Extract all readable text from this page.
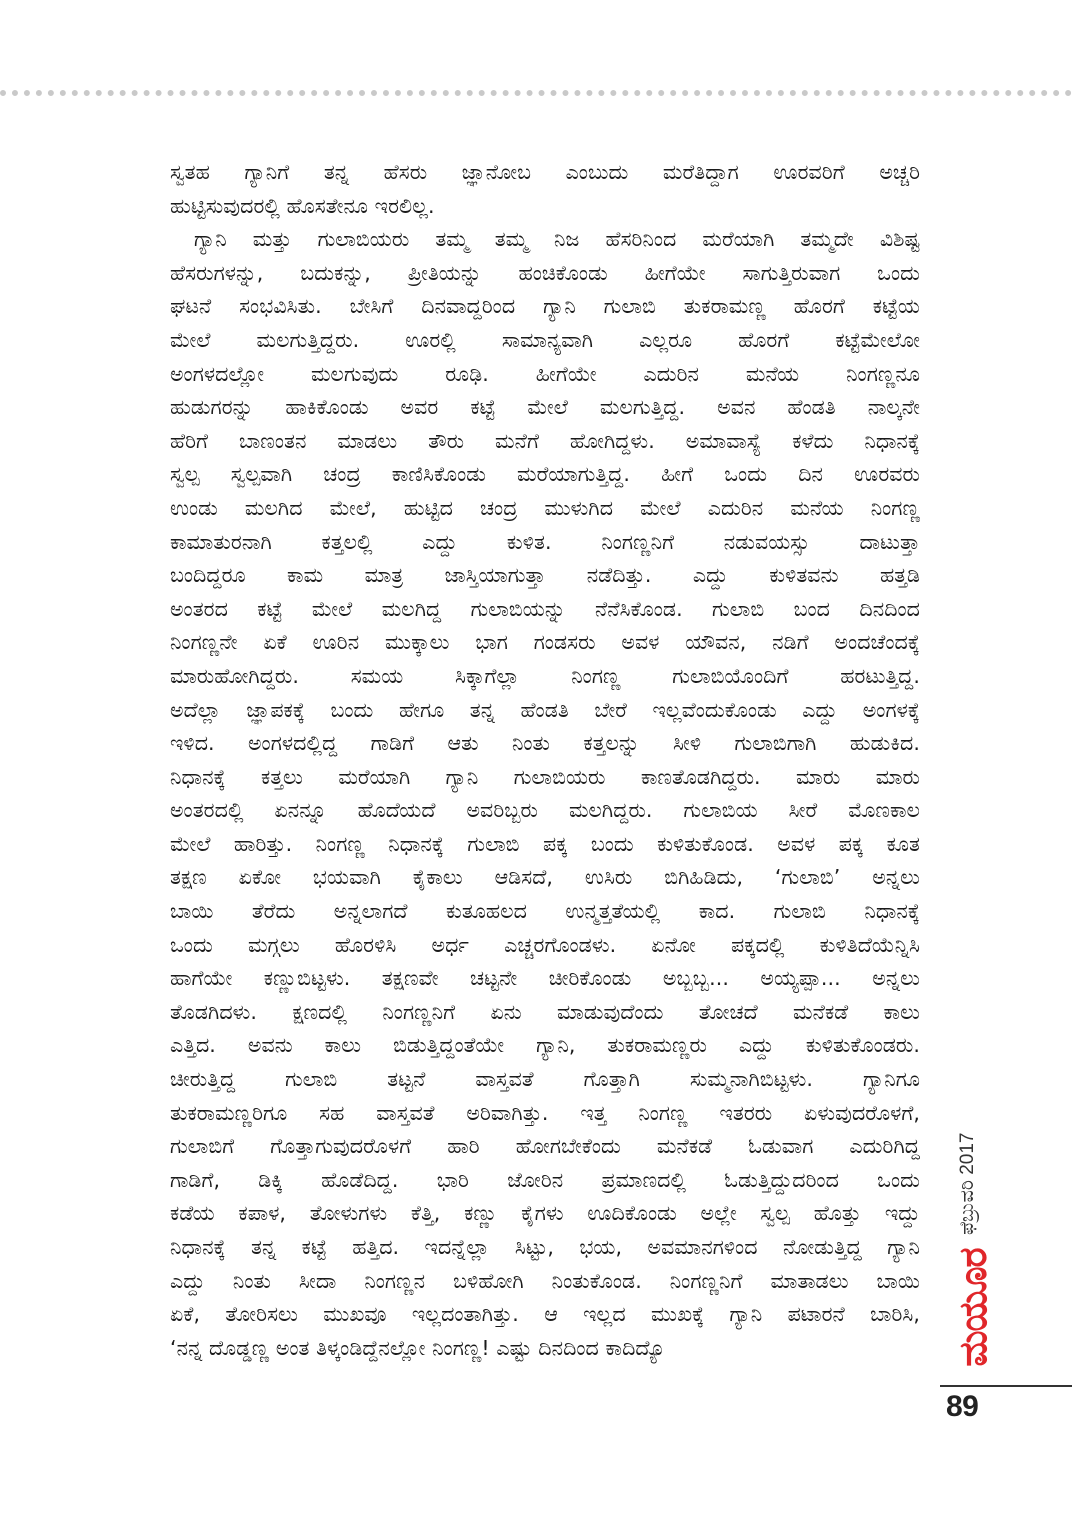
ಸ್ವತಹ ಗ್ಯಾನಿಗೆ ತನ್ನ ಹೆಸರು ಜ್ಞಾನೋಬ ಎಂಬುದು ಮರೆತಿದ್ದಾಗ ಊರವರಿಗೆ ಅಚ್ಚರಿ
ಹುಟ್ಟಿಸುವುದರಲ್ಲಿ ಹೊಸತೇನೂ ಇರಲಿಲ್ಲ.
ಗ್ಯಾನಿ ಮತ್ತು ಗುಲಾಬಿಯರು ತಮ್ಮ ತಮ್ಮ ನಿಜ ಹೆಸರಿನಿಂದ ಮರೆಯಾಗಿ ತಮ್ಮದೇ ವಿಶಿಷ್ಟ
ಹೆಸರುಗಳನ್ನು, ಬದುಕನ್ನು, ಪ್ರೀತಿಯನ್ನು ಹಂಚಿಕೊಂಡು ಹೀಗೆಯೇ ಸಾಗುತ್ತಿರುವಾಗ ಒಂದು
ಘಟನೆ ಸಂಭವಿಸಿತು. ಬೇಸಿಗೆ ದಿನವಾದ್ದರಿಂದ ಗ್ಯಾನಿ ಗುಲಾಬಿ ತುಕರಾಮಣ್ಣ ಹೊರಗೆ ಕಟ್ಟೆಯ
ಮೇಲೆ ಮಲಗುತ್ತಿದ್ದರು. ಊರಲ್ಲಿ ಸಾಮಾನ್ಯವಾಗಿ ಎಲ್ಲರೂ ಹೊರಗೆ ಕಟ್ಟೆಮೇಲೋ
ಅಂಗಳದಲ್ಲೋ ಮಲಗುವುದು ರೂಢಿ. ಹೀಗೆಯೇ ಎದುರಿನ ಮನೆಯ ನಿಂಗಣ್ಣನೂ
ಹುಡುಗರನ್ನು ಹಾಕಿಕೊಂಡು ಅವರ ಕಟ್ಟೆ ಮೇಲೆ ಮಲಗುತ್ತಿದ್ದ. ಅವನ ಹೆಂಡತಿ ನಾಲ್ಕನೇ
ಹೆರಿಗೆ ಬಾಣಂತನ ಮಾಡಲು ತೌರು ಮನೆಗೆ ಹೋಗಿದ್ದಳು. ಅಮಾವಾಸ್ಯೆ ಕಳೆದು ನಿಧಾನಕ್ಕೆ
ಸ್ವಲ್ಪ ಸ್ವಲ್ಪವಾಗಿ ಚಂದ್ರ ಕಾಣಿಸಿಕೊಂಡು ಮರೆಯಾಗುತ್ತಿದ್ದ. ಹೀಗೆ ಒಂದು ದಿನ ಊರವರು
ಉಂಡು ಮಲಗಿದ ಮೇಲೆ, ಹುಟ್ಟಿದ ಚಂದ್ರ ಮುಳುಗಿದ ಮೇಲೆ ಎದುರಿನ ಮನೆಯ ನಿಂಗಣ್ಣ
ಕಾಮಾತುರನಾಗಿ ಕತ್ತಲಲ್ಲಿ ಎದ್ದು ಕುಳಿತ. ನಿಂಗಣ್ಣನಿಗೆ ನಡುವಯಸ್ಸು ದಾಟುತ್ತಾ
ಬಂದಿದ್ದರೂ ಕಾಮ ಮಾತ್ರ ಜಾಸ್ತಿಯಾಗುತ್ತಾ ನಡೆದಿತ್ತು. ಎದ್ದು ಕುಳಿತವನು ಹತ್ತಡಿ
ಅಂತರದ ಕಟ್ಟೆ ಮೇಲೆ ಮಲಗಿದ್ದ ಗುಲಾಬಿಯನ್ನು ನೆನೆಸಿಕೊಂಡ. ಗುಲಾಬಿ ಬಂದ ದಿನದಿಂದ
ನಿಂಗಣ್ಣನೇ ಏಕೆ ಊರಿನ ಮುಕ್ಕಾಲು ಭಾಗ ಗಂಡಸರು ಅವಳ ಯೌವನ, ನಡಿಗೆ ಅಂದಚೆಂದಕ್ಕೆ
ಮಾರುಹೋಗಿದ್ದರು. ಸಮಯ ಸಿಕ್ಕಾಗೆಲ್ಲಾ ನಿಂಗಣ್ಣ ಗುಲಾಬಿಯೊಂದಿಗೆ ಹರಟುತ್ತಿದ್ದ.
ಅದೆಲ್ಲಾ ಜ್ಞಾಪಕಕ್ಕೆ ಬಂದು ಹೇಗೂ ತನ್ನ ಹೆಂಡತಿ ಬೇರೆ ಇಲ್ಲವೆಂದುಕೊಂಡು ಎದ್ದು ಅಂಗಳಕ್ಕೆ
ಇಳಿದ. ಅಂಗಳದಲ್ಲಿದ್ದ ಗಾಡಿಗೆ ಆತು ನಿಂತು ಕತ್ತಲನ್ನು ಸೀಳಿ ಗುಲಾಬಿಗಾಗಿ ಹುಡುಕಿದ.
ನಿಧಾನಕ್ಕೆ ಕತ್ತಲು ಮರೆಯಾಗಿ ಗ್ಯಾನಿ ಗುಲಾಬಿಯರು ಕಾಣತೊಡಗಿದ್ದರು. ಮಾರು ಮಾರು
ಅಂತರದಲ್ಲಿ ಏನನ್ನೂ ಹೊದೆಯದೆ ಅವರಿಬ್ಬರು ಮಲಗಿದ್ದರು. ಗುಲಾಬಿಯ ಸೀರೆ ಮೊಣಕಾಲ
ಮೇಲೆ ಹಾರಿತ್ತು. ನಿಂಗಣ್ಣ ನಿಧಾನಕ್ಕೆ ಗುಲಾಬಿ ಪಕ್ಕ ಬಂದು ಕುಳಿತುಕೊಂಡ. ಅವಳ ಪಕ್ಕ ಕೂತ
ತಕ್ಷಣ ಏಕೋ ಭಯವಾಗಿ ಕೈಕಾಲು ಆಡಿಸದೆ, ಉಸಿರು ಬಿಗಿಹಿಡಿದು, ‘ಗುಲಾಬಿ’ ಅನ್ನಲು
ಬಾಯಿ ತೆರೆದು ಅನ್ನಲಾಗದೆ ಕುತೂಹಲದ ಉನ್ಮತ್ತತೆಯಲ್ಲಿ ಕಾದ. ಗುಲಾಬಿ ನಿಧಾನಕ್ಕೆ
ಒಂದು ಮಗ್ಗಲು ಹೊರಳಿಸಿ ಅರ್ಧ ಎಚ್ಚರಗೊಂಡಳು. ಏನೋ ಪಕ್ಕದಲ್ಲಿ ಕುಳಿತಿದೆಯೆನ್ನಿಸಿ
ಹಾಗೆಯೇ ಕಣ್ಣುಬಿಟ್ಟಳು. ತಕ್ಷಣವೇ ಚಟ್ಟನೇ ಚೀರಿಕೊಂಡು ಅಬ್ಬಬ್ಬ... ಅಯ್ಯಪ್ಪಾ... ಅನ್ನಲು
ತೊಡಗಿದಳು. ಕ್ಷಣದಲ್ಲಿ ನಿಂಗಣ್ಣನಿಗೆ ಏನು ಮಾಡುವುದೆಂದು ತೋಚದೆ ಮನೆಕಡೆ ಕಾಲು
ಎತ್ತಿದ. ಅವನು ಕಾಲು ಬಿಡುತ್ತಿದ್ದಂತೆಯೇ ಗ್ಯಾನಿ, ತುಕರಾಮಣ್ಣರು ಎದ್ದು ಕುಳಿತುಕೊಂಡರು.
ಚೀರುತ್ತಿದ್ದ ಗುಲಾಬಿ ತಟ್ಟನೆ ವಾಸ್ತವತೆ ಗೊತ್ತಾಗಿ ಸುಮ್ಮನಾಗಿಬಿಟ್ಟಳು. ಗ್ಯಾನಿಗೂ
ತುಕರಾಮಣ್ಣರಿಗೂ ಸಹ ವಾಸ್ತವತೆ ಅರಿವಾಗಿತ್ತು. ಇತ್ತ ನಿಂಗಣ್ಣ ಇತರರು ಏಳುವುದರೊಳಗೆ,
ಗುಲಾಬಿಗೆ ಗೊತ್ತಾಗುವುದರೊಳಗೆ ಹಾರಿ ಹೋಗಬೇಕೆಂದು ಮನೆಕಡೆ ಓಡುವಾಗ ಎದುರಿಗಿದ್ದ
ಗಾಡಿಗೆ, ಡಿಕ್ಕಿ ಹೊಡೆದಿದ್ದ. ಭಾರಿ ಜೋರಿನ ಪ್ರಮಾಣದಲ್ಲಿ ಓಡುತ್ತಿದ್ದುದರಿಂದ ಒಂದು
ಕಡೆಯ ಕಪಾಳ, ತೋಳುಗಳು ಕೆತ್ತಿ, ಕಣ್ಣು ಕೈಗಳು ಊದಿಕೊಂಡು ಅಲ್ಲೇ ಸ್ವಲ್ಪ ಹೊತ್ತು ಇದ್ದು
ನಿಧಾನಕ್ಕೆ ತನ್ನ ಕಟ್ಟೆ ಹತ್ತಿದ. ಇದನ್ನೆಲ್ಲಾ ಸಿಟ್ಟು, ಭಯ, ಅವಮಾನಗಳಿಂದ ನೋಡುತ್ತಿದ್ದ ಗ್ಯಾನಿ
ಎದ್ದು ನಿಂತು ಸೀದಾ ನಿಂಗಣ್ಣನ ಬಳಿಹೋಗಿ ನಿಂತುಕೊಂಡ. ನಿಂಗಣ್ಣನಿಗೆ ಮಾತಾಡಲು ಬಾಯಿ
ಏಕೆ, ತೋರಿಸಲು ಮುಖವೂ ಇಲ್ಲದಂತಾಗಿತ್ತು. ಆ ಇಲ್ಲದ ಮುಖಕ್ಕೆ ಗ್ಯಾನಿ ಪಟಾರನೆ ಬಾರಿಸಿ,
‘ನನ್ನ ದೊಡ್ಡಣ್ಣ ಅಂತ ತಿಳ್ಕಂಡಿದ್ದೆನಲ್ಲೋ ನಿಂಗಣ್ಣ! ಎಷ್ಟು ದಿನದಿಂದ ಕಾದಿದ್ಯೊ
ಫೆಬ್ರುವರಿ 2017
ಮಯೂರ
89
